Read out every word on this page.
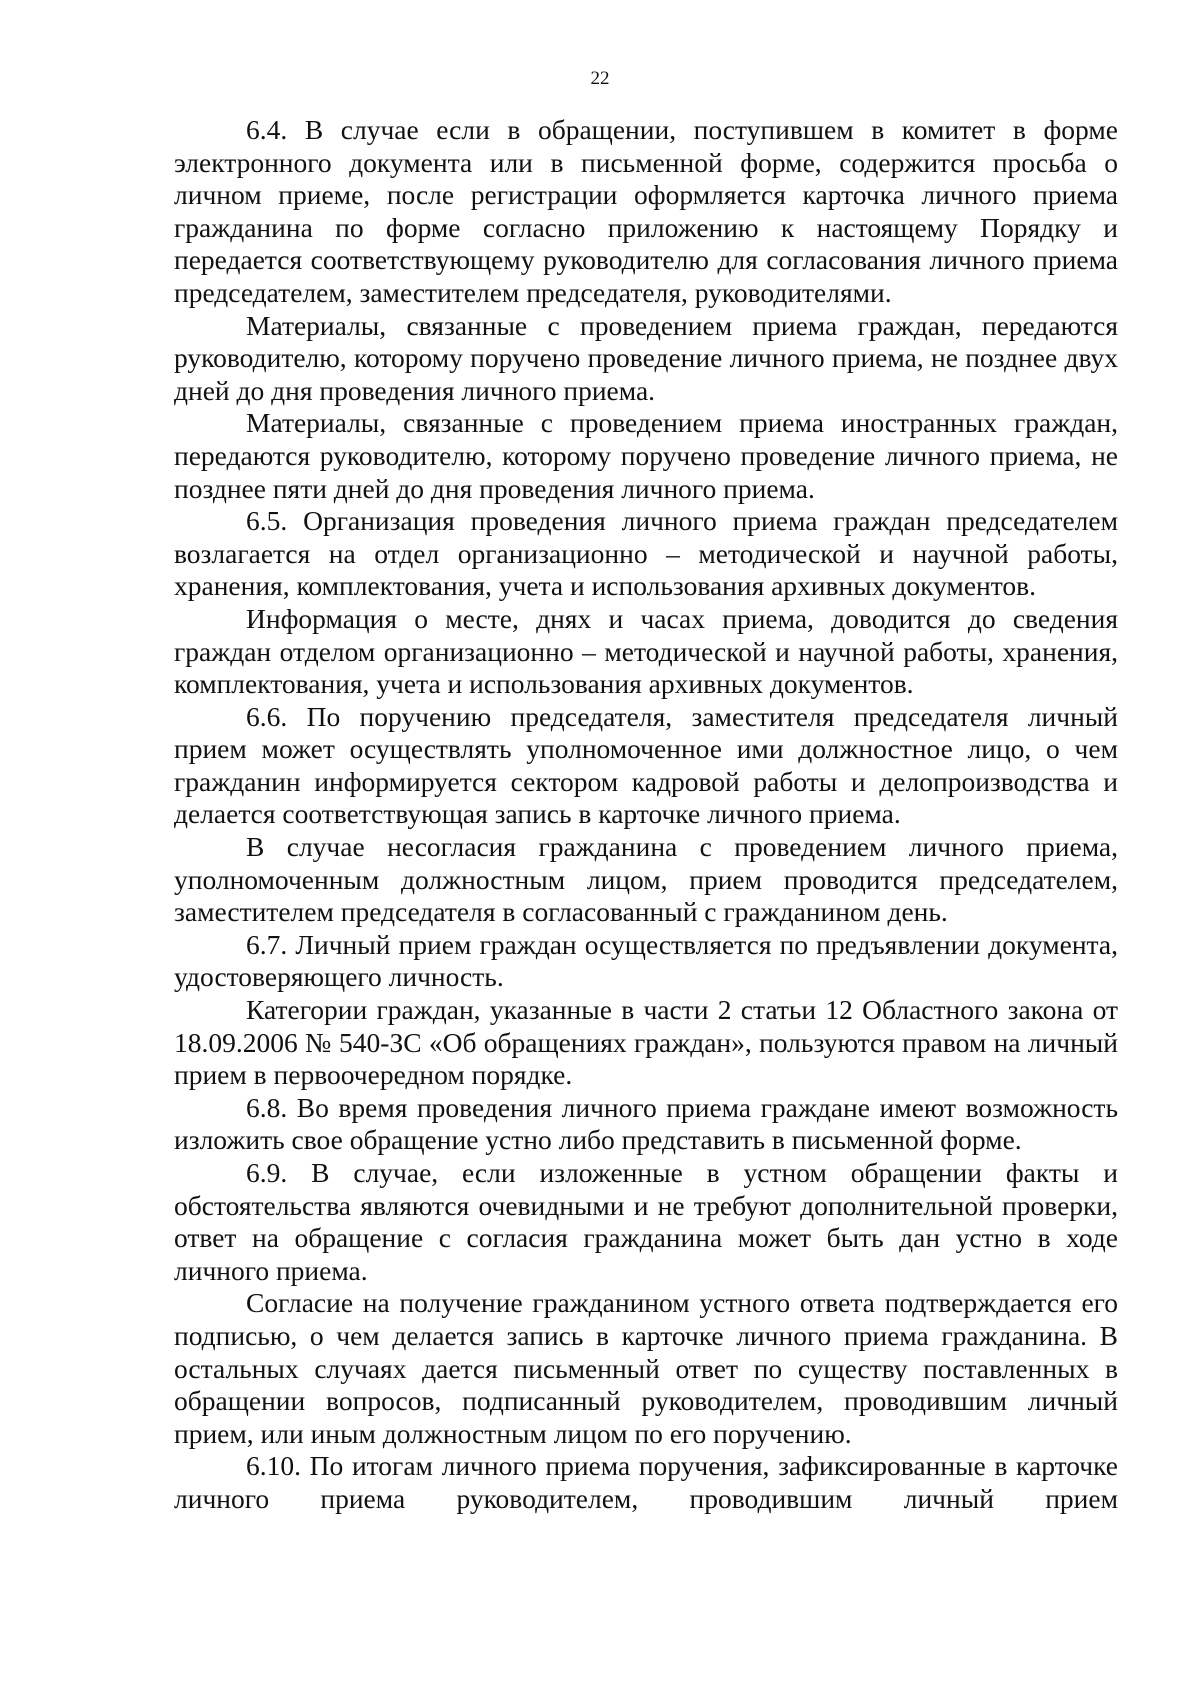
22

6.4. В случае если в обращении, поступившем в комитет в форме электронного документа или в письменной форме, содержится просьба о личном приеме, после регистрации оформляется карточка личного приема гражданина по форме согласно приложению к настоящему Порядку и передается соответствующему руководителю для согласования личного приема председателем, заместителем председателя, руководителями.

Материалы, связанные с проведением приема граждан, передаются руководителю, которому поручено проведение личного приема, не позднее двух дней до дня проведения личного приема.

Материалы, связанные с проведением приема иностранных граждан, передаются руководителю, которому поручено проведение личного приема, не позднее пяти дней до дня проведения личного приема.

6.5. Организация проведения личного приема граждан председателем возлагается на отдел организационно – методической и научной работы, хранения, комплектования, учета и использования архивных документов.

Информация о месте, днях и часах приема, доводится до сведения граждан отделом организационно – методической и научной работы, хранения, комплектования, учета и использования архивных документов.

6.6. По поручению председателя, заместителя председателя личный прием может осуществлять уполномоченное ими должностное лицо, о чем гражданин информируется сектором кадровой работы и делопроизводства и делается соответствующая запись в карточке личного приема.

В случае несогласия гражданина с проведением личного приема, уполномоченным должностным лицом, прием проводится председателем, заместителем председателя в согласованный с гражданином день.

6.7. Личный прием граждан осуществляется по предъявлении документа, удостоверяющего личность.

Категории граждан, указанные в части 2 статьи 12 Областного закона от 18.09.2006 № 540-ЗС «Об обращениях граждан», пользуются правом на личный прием в первоочередном порядке.

6.8. Во время проведения личного приема граждане имеют возможность изложить свое обращение устно либо представить в письменной форме.

6.9. В случае, если изложенные в устном обращении факты и обстоятельства являются очевидными и не требуют дополнительной проверки, ответ на обращение с согласия гражданина может быть дан устно в ходе личного приема.

Согласие на получение гражданином устного ответа подтверждается его подписью, о чем делается запись в карточке личного приема гражданина. В остальных случаях дается письменный ответ по существу поставленных в обращении вопросов, подписанный руководителем, проводившим личный прием, или иным должностным лицом по его поручению.

6.10. По итогам личного приема поручения, зафиксированные в карточке личного приема руководителем, проводившим личный прием
